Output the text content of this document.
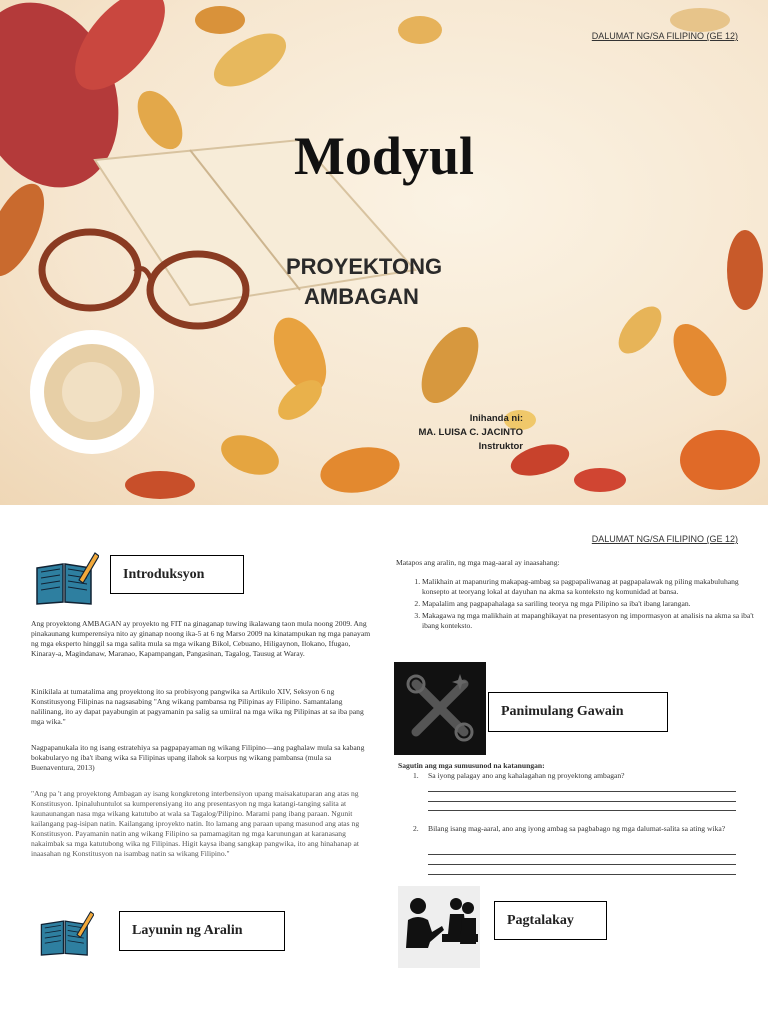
DALUMAT NG/SA FILIPINO (GE 12)
Modyul
PROYEKTONG
AMBAGAN
Inihanda ni:
MA. LUISA C. JACINTO
Instruktor
DALUMAT NG/SA FILIPINO (GE 12)
Introduksyon

Ang proyektong AMBAGAN ay proyekto ng FIT na ginaganap tuwing ikalawang taon mula noong 2009. Ang pinakaunang kumperensiya nito ay ginanap noong ika-5 at 6 ng Marso 2009 na kinatampukan ng mga panayam ng mga eksperto hinggil sa mga salita mula sa mga wikang Bikol, Cebuano, Hiligaynon, Ilokano, Ifugao, Kinaray-a, Magindanaw, Maranao, Kapampangan, Pangasinan, Tagalog, Tausug at Waray.

Kinikilala at tumatalima ang proyektong ito sa probisyong pangwika sa Artikulo XIV, Seksyon 6 ng Konstitusyong Filipinas na nagsasabing "Ang wikang pambansa ng Pilipinas ay Filipino. Samantalang nalilinang, ito ay dapat payabungin at pagyamanin pa salig sa umiiral na mga wika ng Pilipinas at sa iba pang mga wika."

Nagpapanukala ito ng isang estratehiya sa pagpapayaman ng wikang Filipino—ang paghalaw mula sa kabang bokabularyo ng iba't ibang wika sa Filipinas upang ilahok sa korpus ng wikang pambansa (mula sa Buenaventura, 2013)

"Ang pa 't ang proyektong Ambagan ay isang kongkretong interbensiyon upang maisakatuparan ang atas ng Konstitusyon. Ipinaluhuntulot sa kumperensiyang ito ang presentasyon ng mga katangi-tanging salita at kaunaunangan nasa mga wikang katutubo at wala sa Tagalog/Pilipino. Marami pang ibang paraan. Ngunit kailangang pag-isipan natin. Kailangang iproyekto natin. Ito lamang ang paraan upang masunod ang atas ng Konstitusyon. Payamanin natin ang wikang Filipino sa pamamagitan ng mga karunungan at karanasang nakaimbak sa mga katutubong wika ng Filipinas. Higit kaysa ibang sangkap pangwika, ito ang hinahanap at inaasahan ng Konstitusyon na isambag natin sa wikang Filipino."

Layunin ng Aralin

Matapos ang aralin, ng mga mag-aaral ay inaasahang:

1. Malikhain at mapanuring makapag-ambag sa pagpapaliwanag at pagpapalawak ng piling makabuluhang konsepto at teoryang lokal at dayuhan na akma sa konteksto ng komunidad at bansa.
2. Mapalalim ang pagpapahalaga sa sariling teorya ng mga Pilipino sa iba't ibang larangan.
3. Makagawa ng mga malikhain at mapanghikayat na presentasyon ng impormasyon at analisis na akma sa iba't ibang konteksto.
Panimulang Gawain

Sagutin ang mga sumusunod na katanungan:

1. Sa iyong palagay ano ang kahalagahan ng proyektong ambagan?
2. Bilang isang mag-aaral, ano ang iyong ambag sa pagbabago ng mga dalumat-salita sa ating wika?
Pagtalakay
